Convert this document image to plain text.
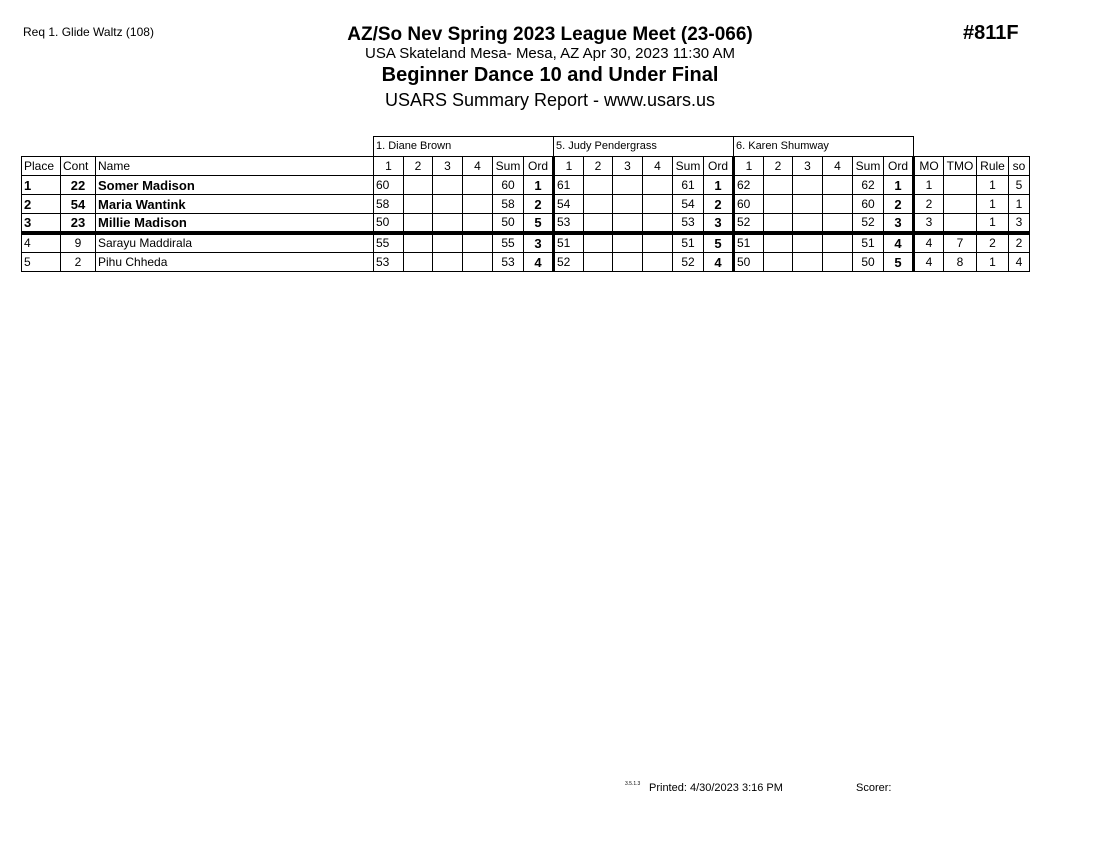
Req 1. Glide Waltz (108)	#811F
AZ/So Nev Spring 2023 League Meet (23-066)
USA Skateland Mesa- Mesa, AZ Apr 30, 2023 11:30 AM
Beginner Dance 10 and Under Final
USARS Summary Report - www.usars.us
			1. Diane Brown						5. Judy Pendergrass						6. Karen Shumway									
Place	Cont	Name	1	2	3	4	Sum	Ord	1	2	3	4	Sum	Ord	1	2	3	4	Sum	Ord	MO	TMO	Rule	so
1	22	Somer Madison	60				60	1	61				61	1	62				62	1	1		1	5
2	54	Maria Wantink	58				58	2	54				54	2	60				60	2	2		1	1
3	23	Millie Madison	50				50	5	53				53	3	52				52	3	3		1	3
4	9	Sarayu Maddirala	55				55	3	51				51	5	51				51	4	4	7	2	2
5	2	Pihu Chheda	53				53	4	52				52	4	50				50	5	4	8	1	4
3.5.1.3 Printed: 4/30/2023 3:16 PM	Scorer:
